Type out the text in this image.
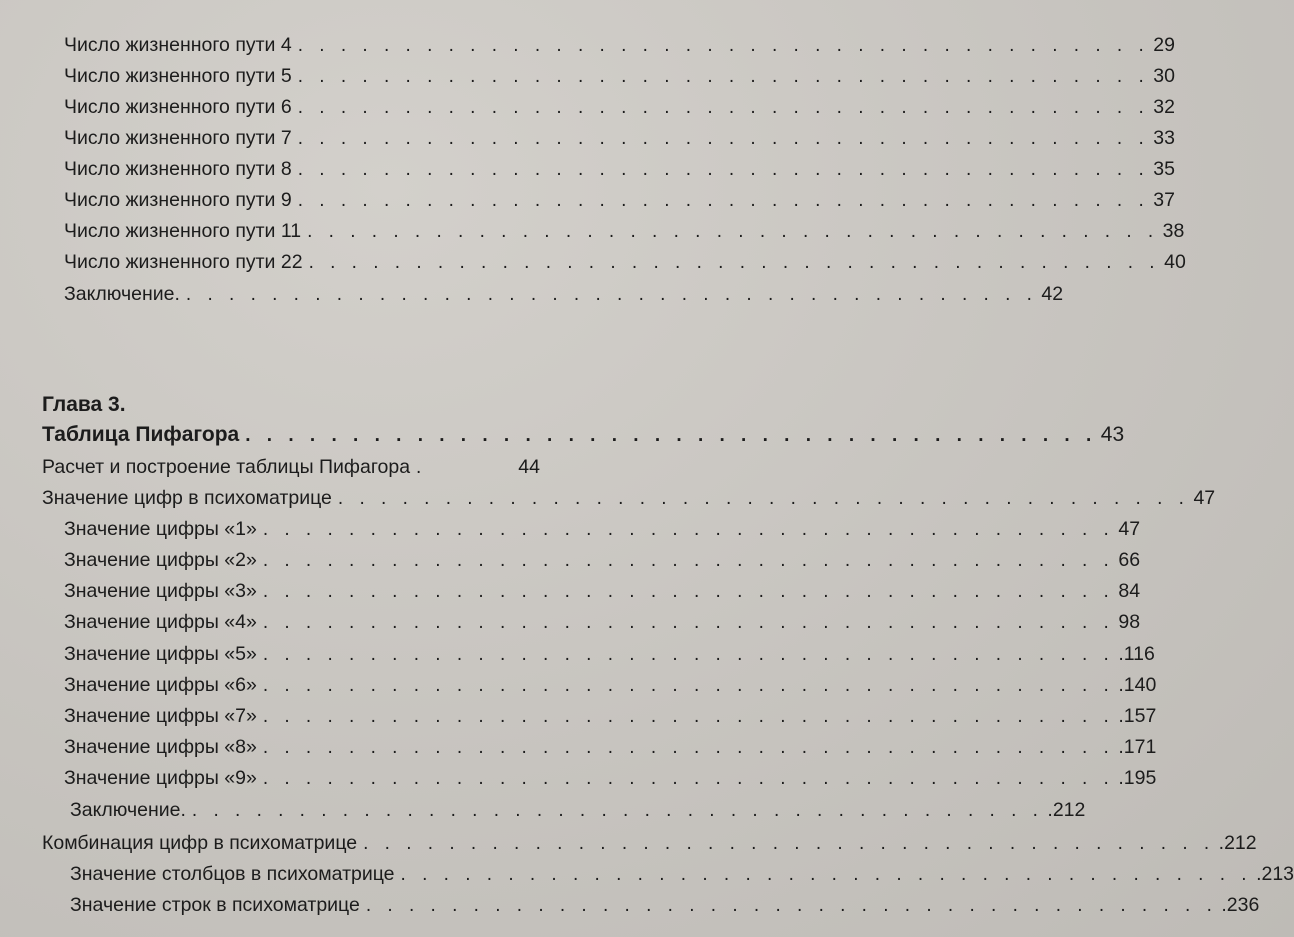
Число жизненного пути 4 . . . . . . . . . . . . . . . . . . . . . . . . . . . . . . . . . . . . . . . . 29
Число жизненного пути 5 . . . . . . . . . . . . . . . . . . . . . . . . . . . . . . . . . . . . . . . . 30
Число жизненного пути 6 . . . . . . . . . . . . . . . . . . . . . . . . . . . . . . . . . . . . . . . . 32
Число жизненного пути 7 . . . . . . . . . . . . . . . . . . . . . . . . . . . . . . . . . . . . . . . . 33
Число жизненного пути 8 . . . . . . . . . . . . . . . . . . . . . . . . . . . . . . . . . . . . . . . . 35
Число жизненного пути 9 . . . . . . . . . . . . . . . . . . . . . . . . . . . . . . . . . . . . . . . . 37
Число жизненного пути 11 . . . . . . . . . . . . . . . . . . . . . . . . . . . . . . . . . . . . . . . . 38
Число жизненного пути 22 . . . . . . . . . . . . . . . . . . . . . . . . . . . . . . . . . . . . . . . . 40
Заключение. . . . . . . . . . . . . . . . . . . . . . . . . . . . . . . . . . . . . . . . . 42
Глава 3.
Таблица Пифагора . . . . . . . . . . . . . . . . . . . . . . . . . . . . . . . . . . . . . . . . 43
Расчет и построение таблицы Пифагора .	44
Значение цифр в психоматрице . . . . . . . . . . . . . . . . . . . . . . . . . . . . . . . . . . . . . . . . 47
Значение цифры «1» . . . . . . . . . . . . . . . . . . . . . . . . . . . . . . . . . . . . . . . . 47
Значение цифры «2» . . . . . . . . . . . . . . . . . . . . . . . . . . . . . . . . . . . . . . . . 66
Значение цифры «3» . . . . . . . . . . . . . . . . . . . . . . . . . . . . . . . . . . . . . . . . 84
Значение цифры «4» . . . . . . . . . . . . . . . . . . . . . . . . . . . . . . . . . . . . . . . . 98
Значение цифры «5» . . . . . . . . . . . . . . . . . . . . . . . . . . . . . . . . . . . . . . . . .116
Значение цифры «6» . . . . . . . . . . . . . . . . . . . . . . . . . . . . . . . . . . . . . . . . .140
Значение цифры «7» . . . . . . . . . . . . . . . . . . . . . . . . . . . . . . . . . . . . . . . . .157
Значение цифры «8» . . . . . . . . . . . . . . . . . . . . . . . . . . . . . . . . . . . . . . . . .171
Значение цифры «9» . . . . . . . . . . . . . . . . . . . . . . . . . . . . . . . . . . . . . . . . .195
Заключение. . . . . . . . . . . . . . . . . . . . . . . . . . . . . . . . . . . . . . . . . .212
Комбинация цифр в психоматрице . . . . . . . . . . . . . . . . . . . . . . . . . . . . . . . . . . . . . . . . .212
Значение столбцов в психоматрице . . . . . . . . . . . . . . . . . . . . . . . . . . . . . . . . . . . . . . . . .213
Значение строк в психоматрице . . . . . . . . . . . . . . . . . . . . . . . . . . . . . . . . . . . . . . . . .236
